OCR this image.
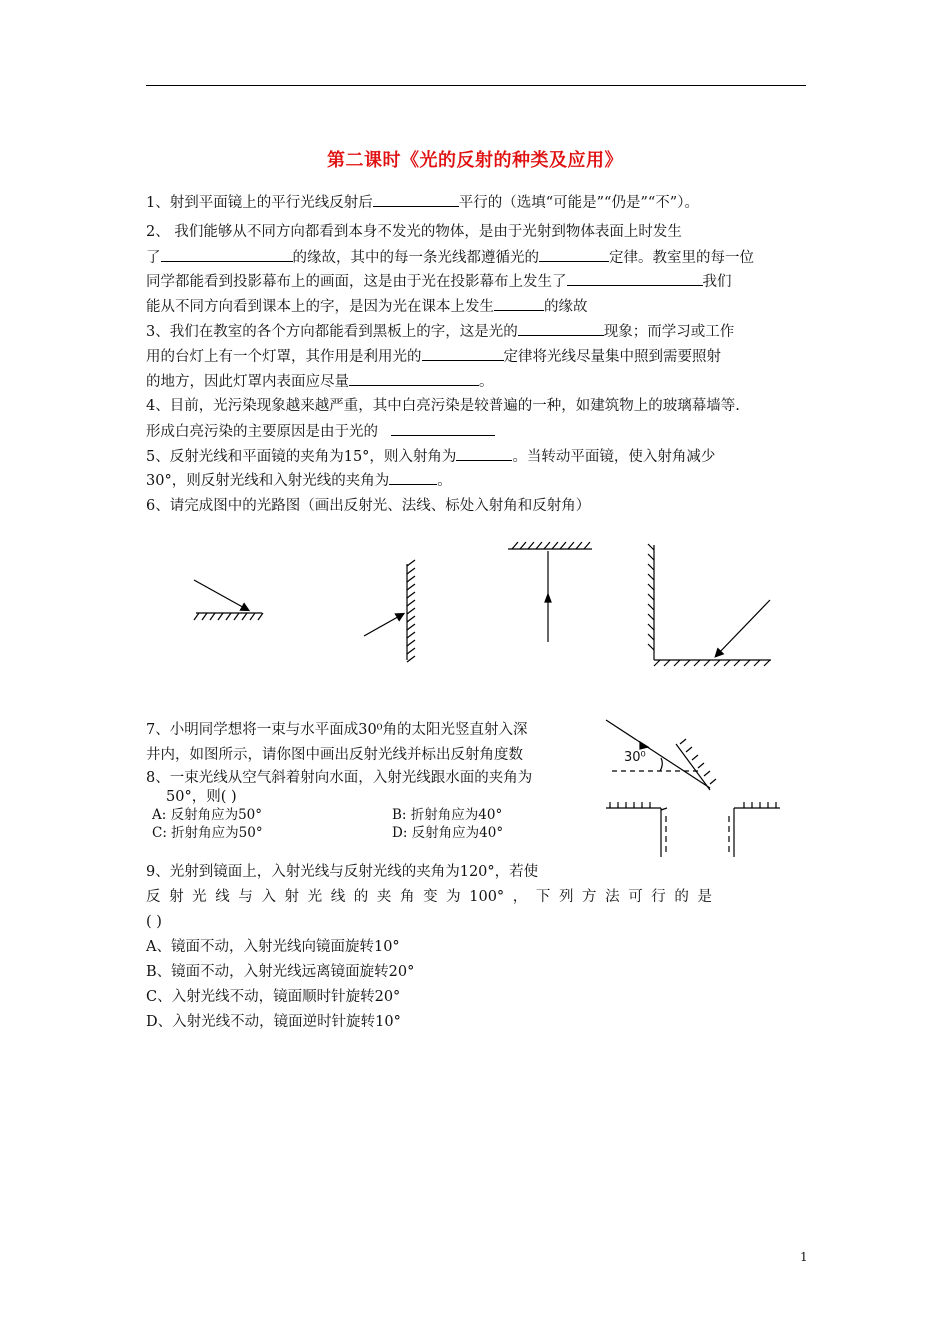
第二课时《光的反射的种类及应用》
1、射到平面镜上的平行光线反射后	平行的（选填“可能是”“仍是”“不”）。
2、 我们能够从不同方向都看到本身不发光的物体，是由于光射到物体表面上时发生
了	的缘故，其中的每一条光线都遵循光的	定律。教室里的每一位
同学都能看到投影幕布上的画面，这是由于光在投影幕布上发生了	我们
能从不同方向看到课本上的字，是因为光在课本上发生	的缘故
3、我们在教室的各个方向都能看到黑板上的字，这是光的	现象；而学习或工作
用的台灯上有一个灯罩，其作用是利用光的	定律将光线尽量集中照到需要照射
的地方，因此灯罩内表面应尽量	。
4、目前，光污染现象越来越严重，其中白亮污染是较普遍的一种，如建筑物上的玻璃幕墙等.
形成白亮污染的主要原因是由于光的
5、反射光线和平面镜的夹角为15°，则入射角为	。当转动平面镜，使入射角减少
30°，则反射光线和入射光线的夹角为	。
6、请完成图中的光路图（画出反射光、法线、标处入射角和反射角）
7、小明同学想将一束与水平面成30⁰角的太阳光竖直射入深
井内，如图所示，请你图中画出反射光线并标出反射角度数	30⁰
8、一束光线从空气斜着射向水面，入射光线跟水面的夹角为
50°，则( )
A: 反射角应为50°	B: 折射角应为40°
C: 折射角应为50°	D: 反射角应为40°
9、光射到镜面上，入射光线与反射光线的夹角为120°，若使
反射光线与入射光线的夹角变为100°，下列方法可行的是
( )
A、镜面不动，入射光线向镜面旋转10°
B、镜面不动，入射光线远离镜面旋转20°
C、入射光线不动，镜面顺时针旋转20°
D、入射光线不动，镜面逆时针旋转10°
1
